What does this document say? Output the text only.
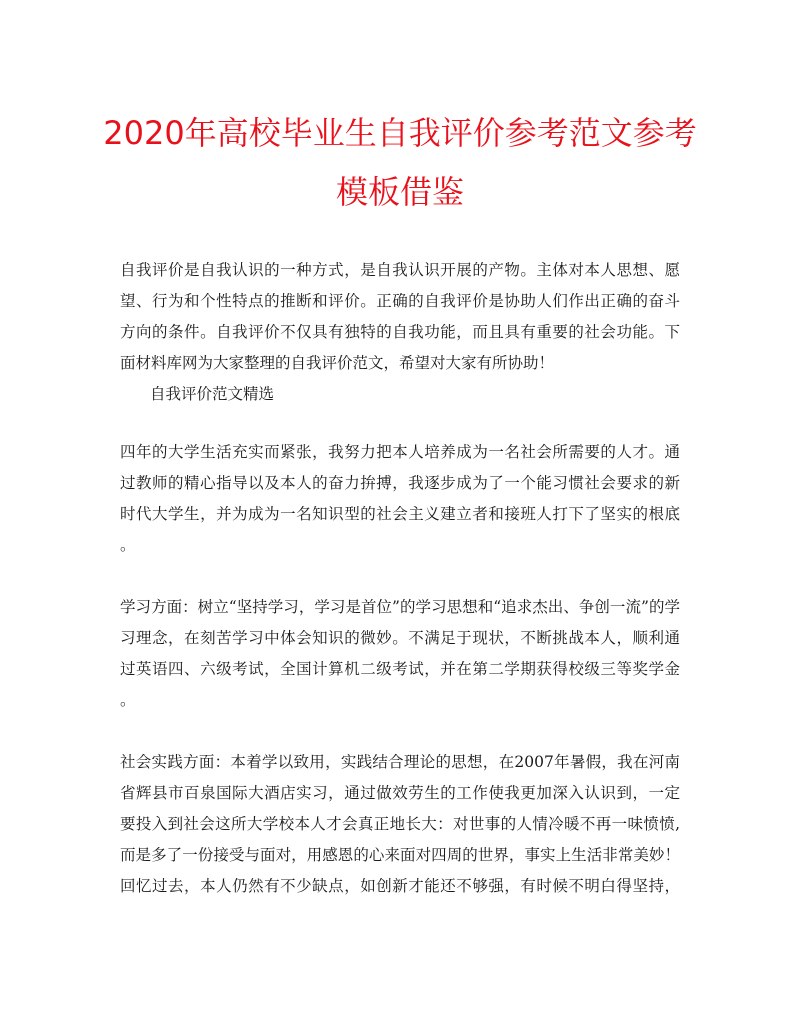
2020年高校毕业生自我评价参考范文参考
模板借鉴
自我评价是自我认识的一种方式，是自我认识开展的产物。主体对本人思想、愿
望、行为和个性特点的推断和评价。正确的自我评价是协助人们作出正确的奋斗
方向的条件。自我评价不仅具有独特的自我功能，而且具有重要的社会功能。下
面材料库网为大家整理的自我评价范文，希望对大家有所协助！
自我评价范文精选
四年的大学生活充实而紧张，我努力把本人培养成为一名社会所需要的人才。通
过教师的精心指导以及本人的奋力拚搏，我逐步成为了一个能习惯社会要求的新
时代大学生，并为成为一名知识型的社会主义建立者和接班人打下了坚实的根底
。
学习方面：树立“坚持学习，学习是首位”的学习思想和“追求杰出、争创一流”的学
习理念，在刻苦学习中体会知识的微妙。不满足于现状，不断挑战本人，顺利通
过英语四、六级考试，全国计算机二级考试，并在第二学期获得校级三等奖学金
。
社会实践方面：本着学以致用，实践结合理论的思想，在2007年暑假，我在河南
省辉县市百泉国际大酒店实习，通过做效劳生的工作使我更加深入认识到，一定
要投入到社会这所大学校本人才会真正地长大：对世事的人情冷暖不再一味愤愤,
而是多了一份接受与面对，用感恩的心来面对四周的世界，事实上生活非常美妙！
回忆过去，本人仍然有不少缺点，如创新才能还不够强，有时候不明白得坚持，
